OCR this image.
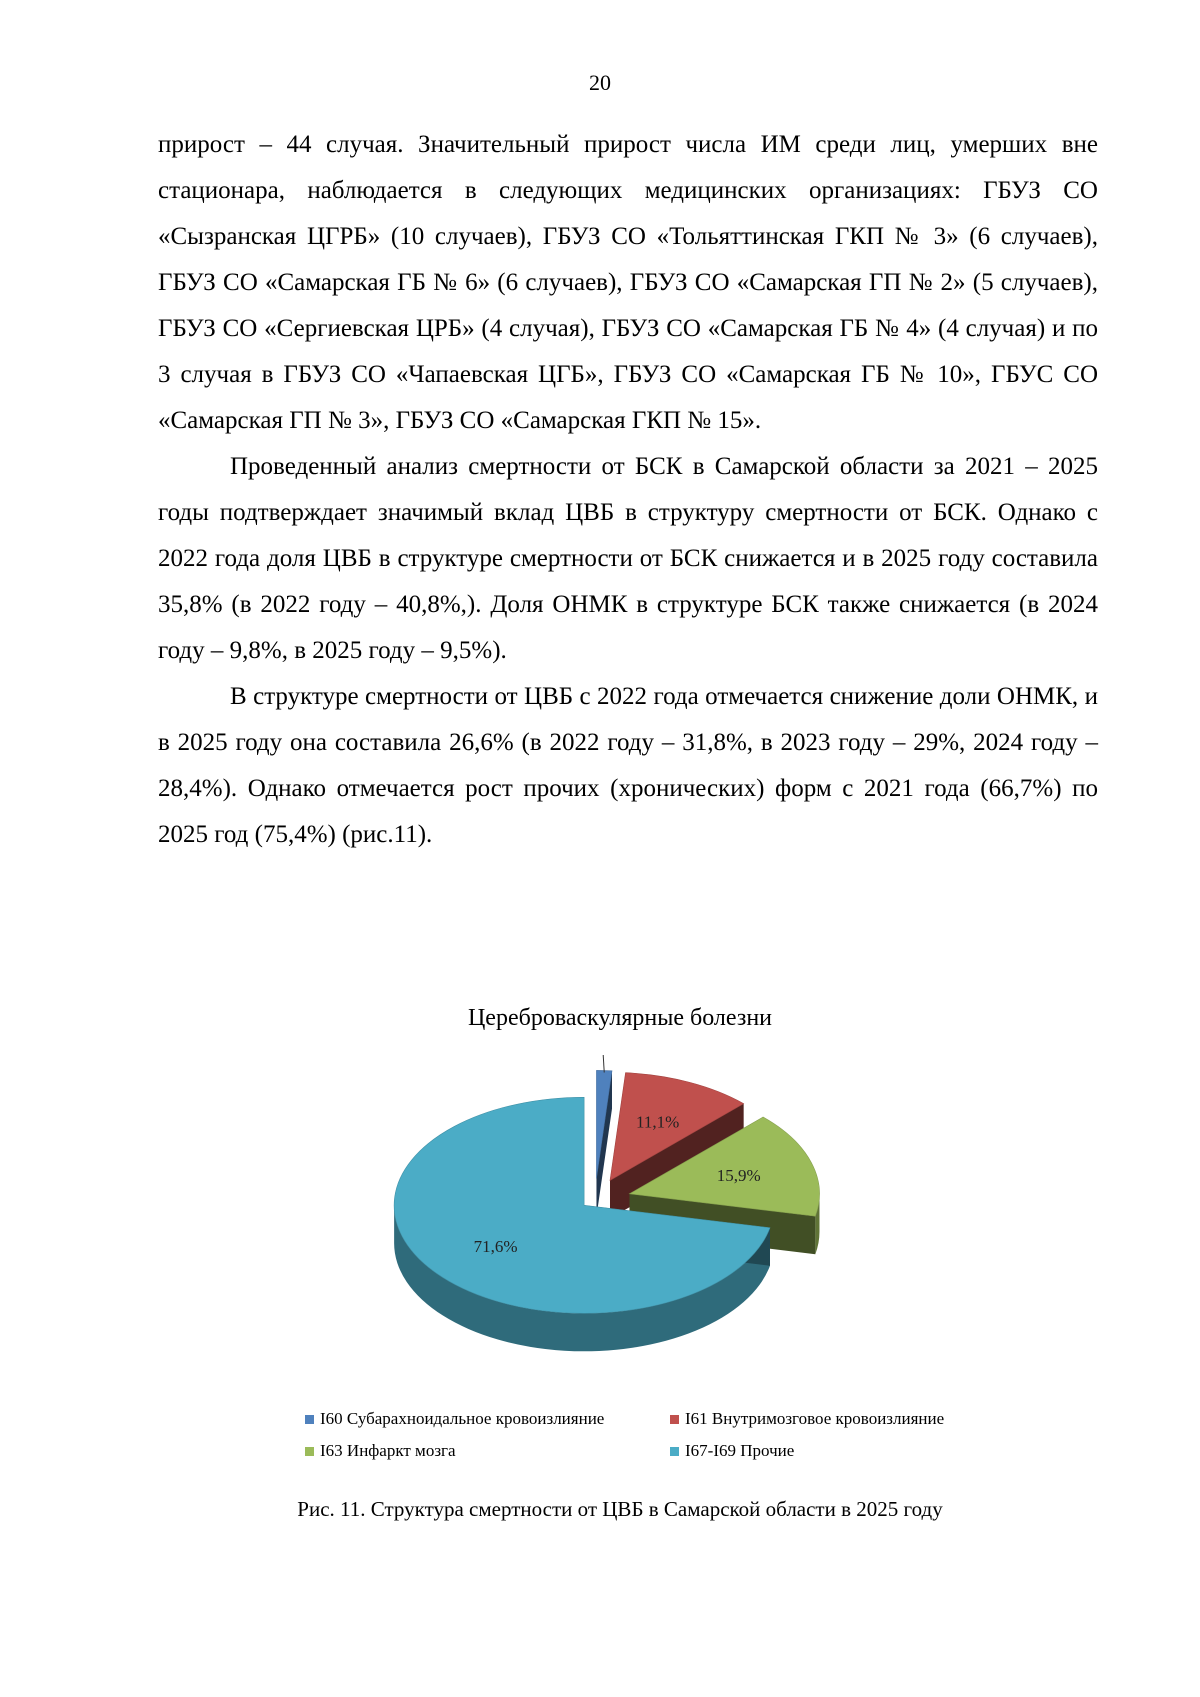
20

прирост – 44 случая. Значительный прирост числа ИМ среди лиц, умерших вне стационара, наблюдается в следующих медицинских организациях: ГБУЗ СО «Сызранская ЦГРБ» (10 случаев), ГБУЗ СО «Тольяттинская ГКП № 3» (6 случаев), ГБУЗ СО «Самарская ГБ № 6» (6 случаев), ГБУЗ СО «Самарская ГП № 2» (5 случаев), ГБУЗ СО «Сергиевская ЦРБ» (4 случая), ГБУЗ СО «Самарская ГБ № 4» (4 случая) и по 3 случая в ГБУЗ СО «Чапаевская ЦГБ», ГБУЗ СО «Самарская ГБ № 10», ГБУС СО «Самарская ГП № 3», ГБУЗ СО «Самарская ГКП № 15».

Проведенный анализ смертности от БСК в Самарской области за 2021 – 2025 годы подтверждает значимый вклад ЦВБ в структуру смертности от БСК. Однако с 2022 года доля ЦВБ в структуре смертности от БСК снижается и в 2025 году составила 35,8% (в 2022 году – 40,8%,). Доля ОНМК в структуре БСК также снижается (в 2024 году – 9,8%, в 2025 году – 9,5%).

В структуре смертности от ЦВБ с 2022 года отмечается снижение доли ОНМК, и в 2025 году она составила 26,6% (в 2022 году – 31,8%, в 2023 году – 29%, 2024 году – 28,4%). Однако отмечается рост прочих (хронических) форм с 2021 года (66,7%) по 2025 год (75,4%) (рис.11).

Цереброваскулярные болезни
11,1%
15,9%
71,6%
I60 Субарахноидальное кровоизлияние	I61 Внутримозговое кровоизлияние
I63 Инфаркт мозга	I67-I69 Прочие
Рис. 11. Структура смертности от ЦВБ в Самарской области в 2025 году
